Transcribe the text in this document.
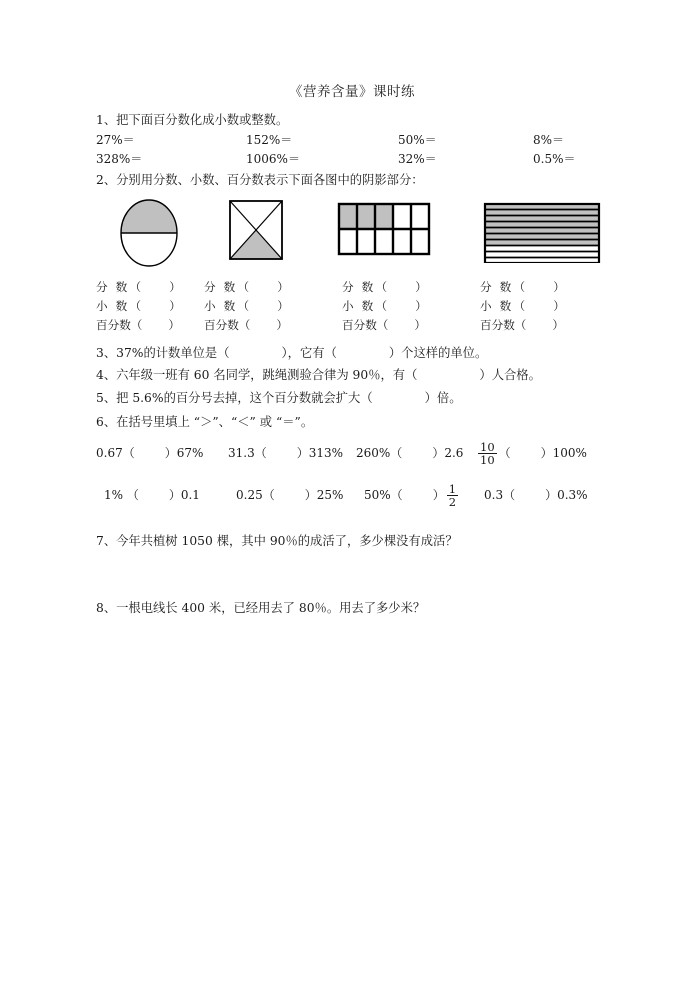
《营养含量》课时练
1、把下面百分数化成小数或整数。
27%＝	152%＝	50%＝	8%＝
328%＝	1006%＝	32%＝	0.5%＝
2、分别用分数、小数、百分数表示下面各图中的阴影部分：
分 数（ ）	分 数（ ）	分 数（ ）	分 数（ ）
小 数（ ）	小 数（ ）	小 数（ ）	小 数（ ）
百分数（ ）	百分数（ ）	百分数（ ）	百分数（ ）
3、37%的计数单位是（	），它有（	）个这样的单位。
4、六年级一班有 60 名同学，跳绳测验合律为 90％，有（	）人合格。
5、把 5.6%的百分号去掉，这个百分数就会扩大（	）倍。
6、在括号里填上 “＞”、“＜” 或 “＝”。
0.67（	）67% 31.3（	）313% 260%（	）$2.6 \frac{10}{10}$ （	）100%
1% （	）0.1	0.25（	）25% 50%（	） $\frac{1}{2} 0.3$（	）0.3%
7、今年共植树 1050 棵，其中 90％的成活了，多少棵没有成活？
8、一根电线长 400 米，已经用去了 80％。用去了多少米？
